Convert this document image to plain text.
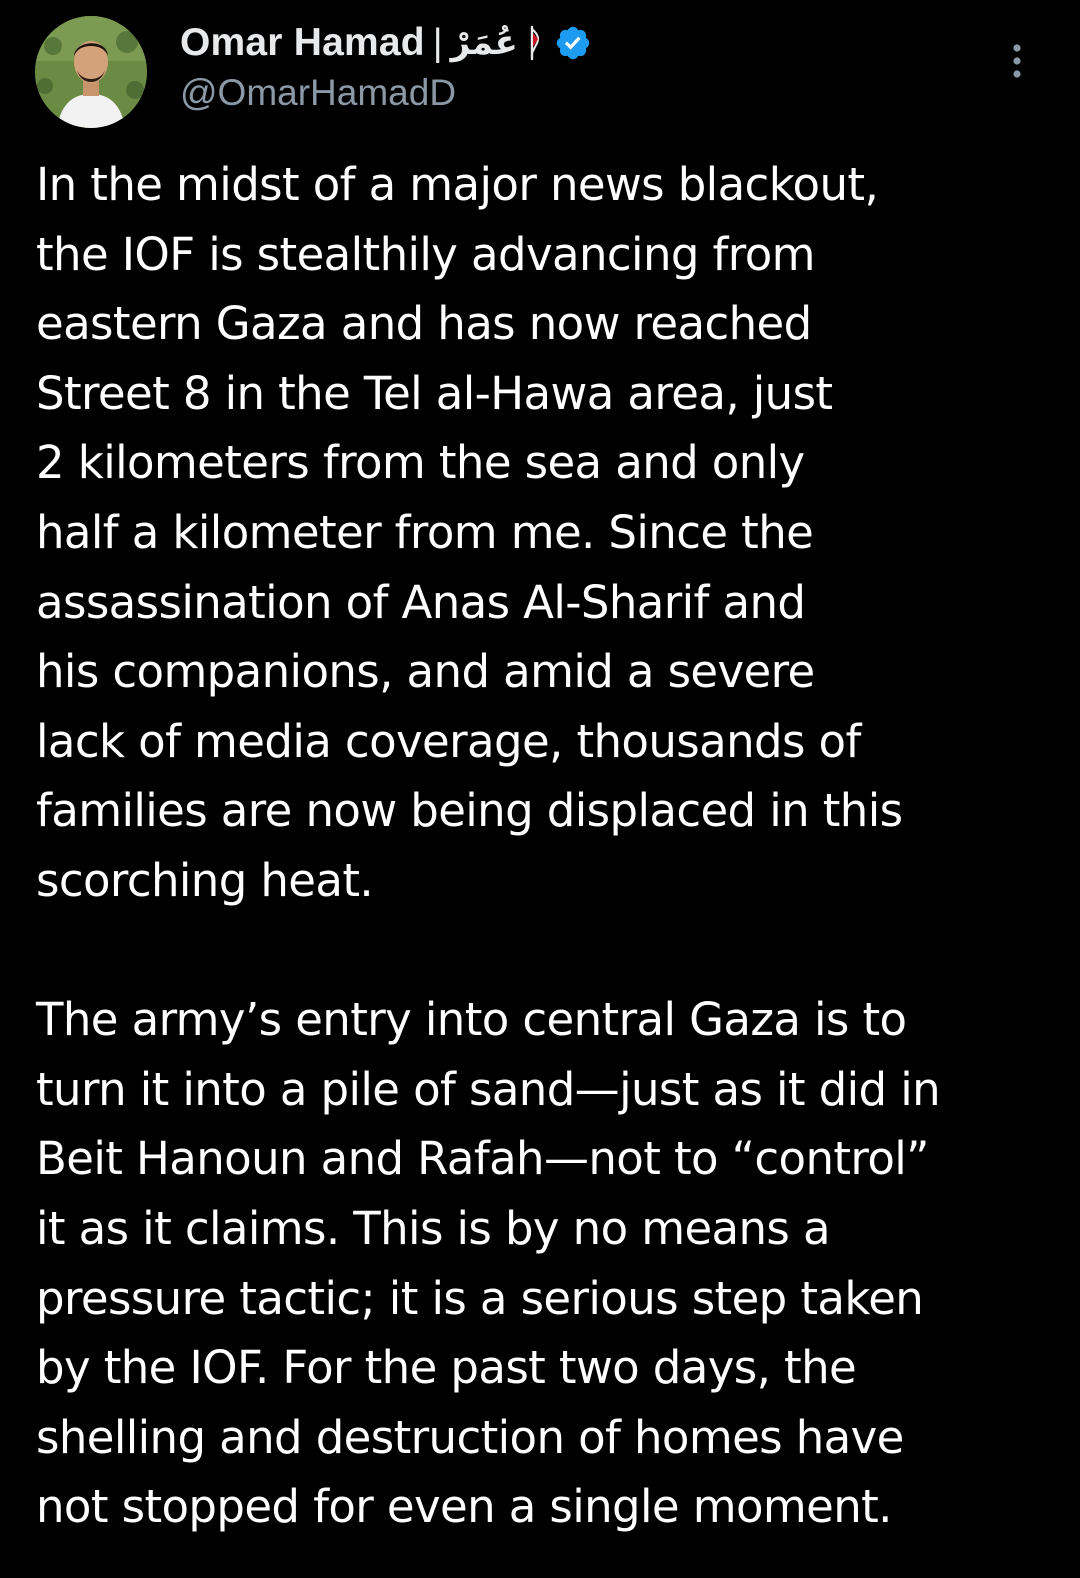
Omar Hamad | عُمَرْ
@OmarHamadD
In the midst of a major news blackout,
the IOF is stealthily advancing from
eastern Gaza and has now reached
Street 8 in the Tel al-Hawa area, just
2 kilometers from the sea and only
half a kilometer from me. Since the
assassination of Anas Al-Sharif and
his companions, and amid a severe
lack of media coverage, thousands of
families are now being displaced in this
scorching heat.
The army’s entry into central Gaza is to
turn it into a pile of sand—just as it did in
Beit Hanoun and Rafah—not to “control”
it as it claims. This is by no means a
pressure tactic; it is a serious step taken
by the IOF. For the past two days, the
shelling and destruction of homes have
not stopped for even a single moment.
